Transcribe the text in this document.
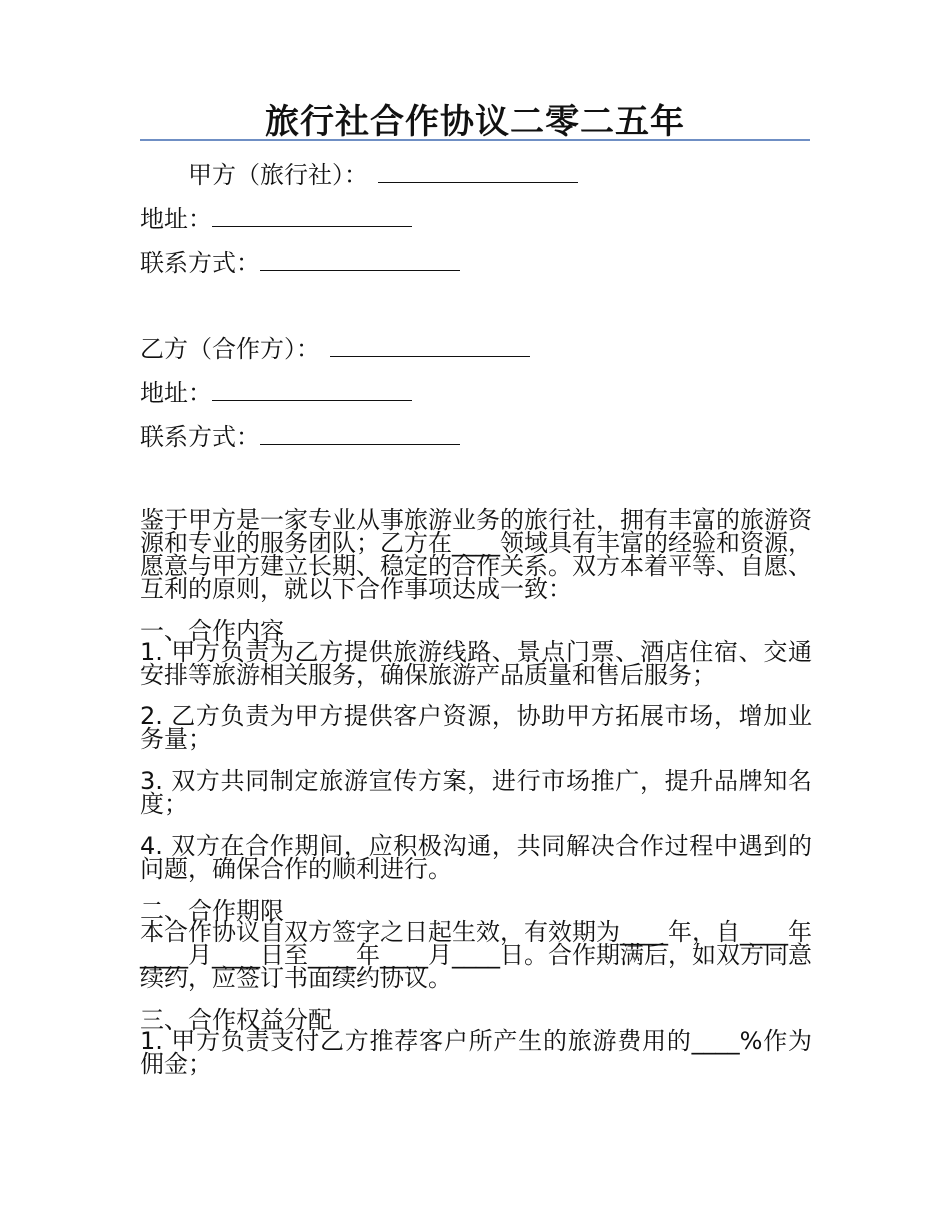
旅行社合作协议二零二五年
甲方（旅行社）：
地址：
联系方式：
乙方（合作方）：
地址：
联系方式：
鉴于甲方是一家专业从事旅游业务的旅行社，拥有丰富的旅游资源和专业的服务团队；乙方在____领域具有丰富的经验和资源，愿意与甲方建立长期、稳定的合作关系。双方本着平等、自愿、互利的原则，就以下合作事项达成一致：
一、合作内容
1. 甲方负责为乙方提供旅游线路、景点门票、酒店住宿、交通安排等旅游相关服务，确保旅游产品质量和售后服务；
2. 乙方负责为甲方提供客户资源，协助甲方拓展市场，增加业务量；
3. 双方共同制定旅游宣传方案，进行市场推广，提升品牌知名度；
4. 双方在合作期间，应积极沟通，共同解决合作过程中遇到的问题，确保合作的顺利进行。
二、合作期限
本合作协议自双方签字之日起生效，有效期为____年，自____年____月____日至____年____月____日。合作期满后，如双方同意续约，应签订书面续约协议。
三、合作权益分配
1. 甲方负责支付乙方推荐客户所产生的旅游费用的____%作为佣金；
